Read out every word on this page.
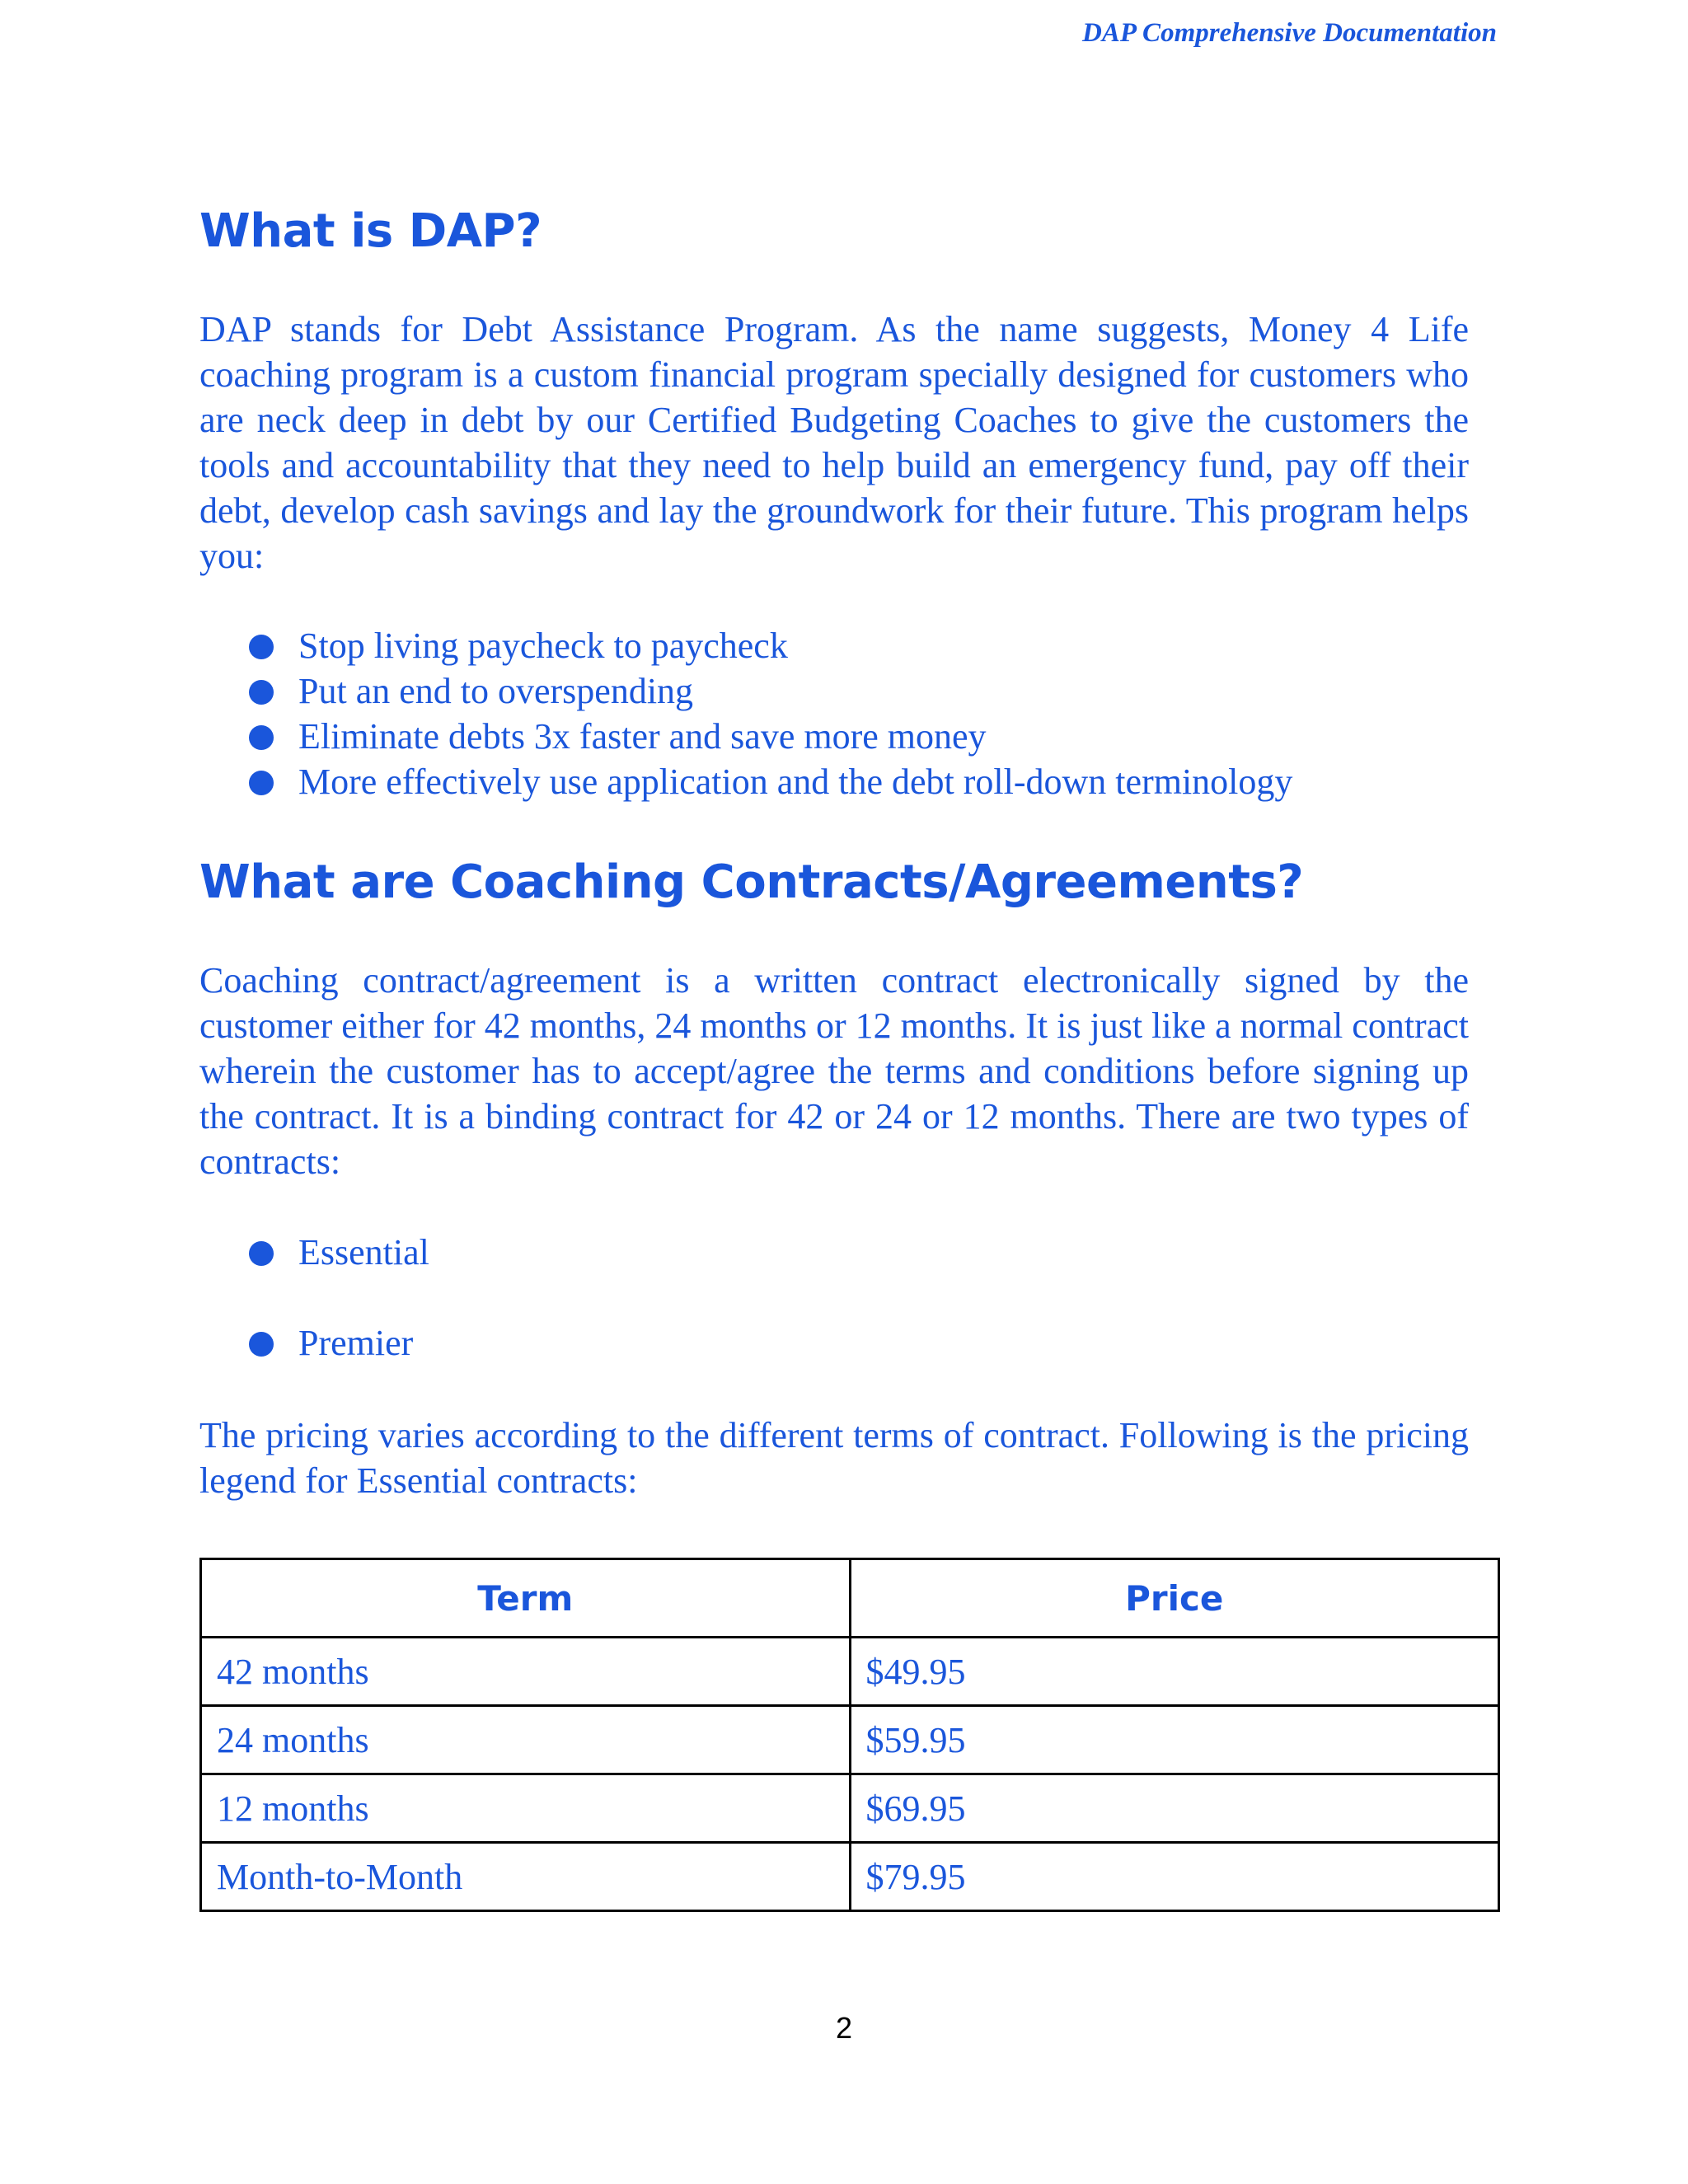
DAP Comprehensive Documentation
What is DAP?

DAP stands for Debt Assistance Program. As the name suggests, Money 4 Life coaching program is a custom financial program specially designed for customers who are neck deep in debt by our Certified Budgeting Coaches to give the customers the tools and accountability that they need to help build an emergency fund, pay off their debt, develop cash savings and lay the groundwork for their future. This program helps you:

Stop living paycheck to paycheck
Put an end to overspending
Eliminate debts 3x faster and save more money
More effectively use application and the debt roll-down terminology
What are Coaching Contracts/Agreements?

Coaching contract/agreement is a written contract electronically signed by the customer either for 42 months, 24 months or 12 months. It is just like a normal contract wherein the customer has to accept/agree the terms and conditions before signing up the contract. It is a binding contract for 42 or 24 or 12 months. There are two types of contracts:

Essential
Premier

The pricing varies according to the different terms of contract. Following is the pricing legend for Essential contracts:

Term	Price
42 months	$49.95
24 months	$59.95
12 months	$69.95
Month-to-Month	$79.95
2
